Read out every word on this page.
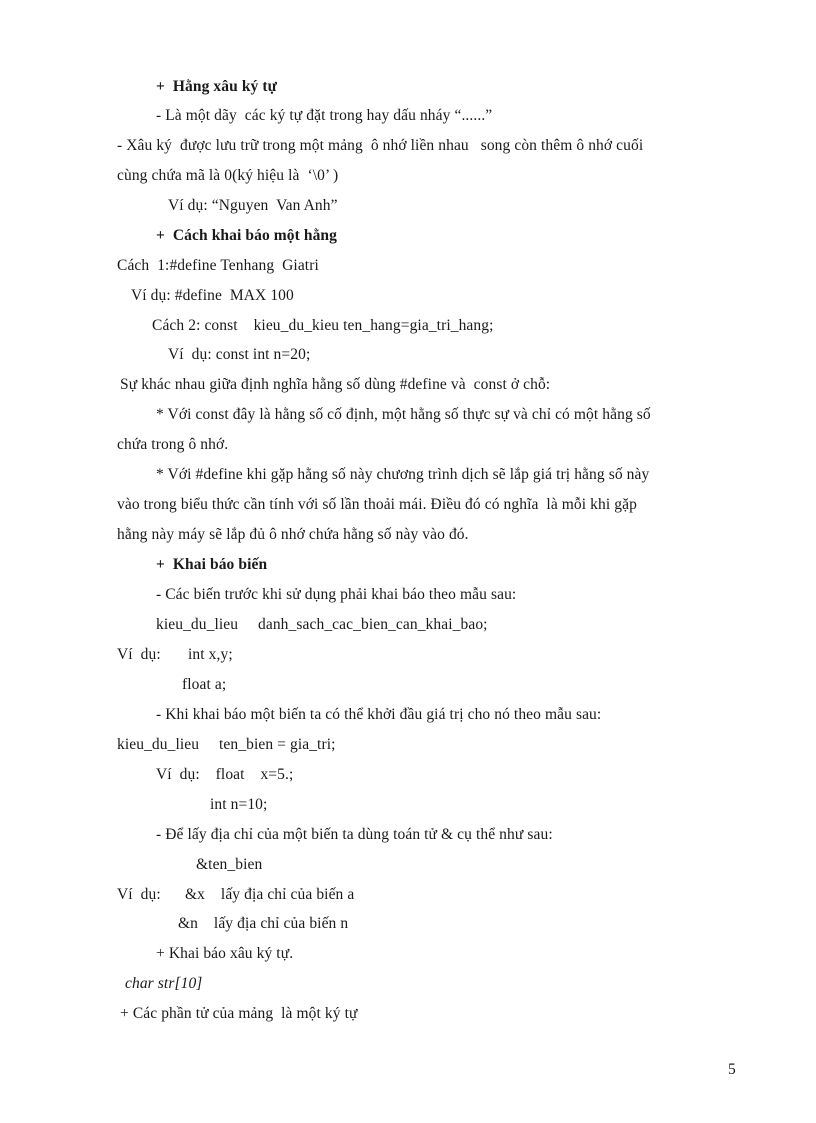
+  Hằng xâu ký tự
- Là một dãy  các ký tự đặt trong hay dấu nháy “......”
- Xâu ký  được lưu trữ trong một mảng  ô nhớ liền nhau   song còn thêm ô nhớ cuối
cùng chứa mã là 0(ký hiệu là  ‘\0’ )
Ví dụ: “Nguyen  Van Anh”
+  Cách khai báo một hằng
Cách  1:#define Tenhang  Giatri
Ví dụ: #define  MAX 100
Cách 2: const    kieu_du_kieu ten_hang=gia_tri_hang;
Ví  dụ: const int n=20;
Sự khác nhau giữa định nghĩa hằng số dùng #define và  const ở chỗ:
* Với const đây là hằng số cố định, một hằng số thực sự và chỉ có một hằng số
chứa trong ô nhớ.
* Với #define khi gặp hằng số này chương trình dịch sẽ lắp giá trị hằng số này
vào trong biểu thức cần tính với số lần thoải mái. Điều đó có nghĩa  là mỗi khi gặp
hằng này máy sẽ lắp đủ ô nhớ chứa hằng số này vào đó.
+  Khai báo biến
- Các biến trước khi sử dụng phải khai báo theo mẫu sau:
kieu_du_lieu     danh_sach_cac_bien_can_khai_bao;
Ví  dụ: int x,y;
float a;
- Khi khai báo một biến ta có thể khởi đầu giá trị cho nó theo mẫu sau:
kieu_du_lieu     ten_bien = gia_tri;
Ví  dụ:    float    x=5.;
int n=10;
- Để lấy địa chỉ của một biến ta dùng toán tử & cụ thể như sau:
&ten_bien
Ví  dụ: &x    lấy địa chỉ của biến a
&n    lấy địa chỉ của biến n
+ Khai báo xâu ký tự.
char str[10]
+ Các phần tử của mảng  là một ký tự
5
